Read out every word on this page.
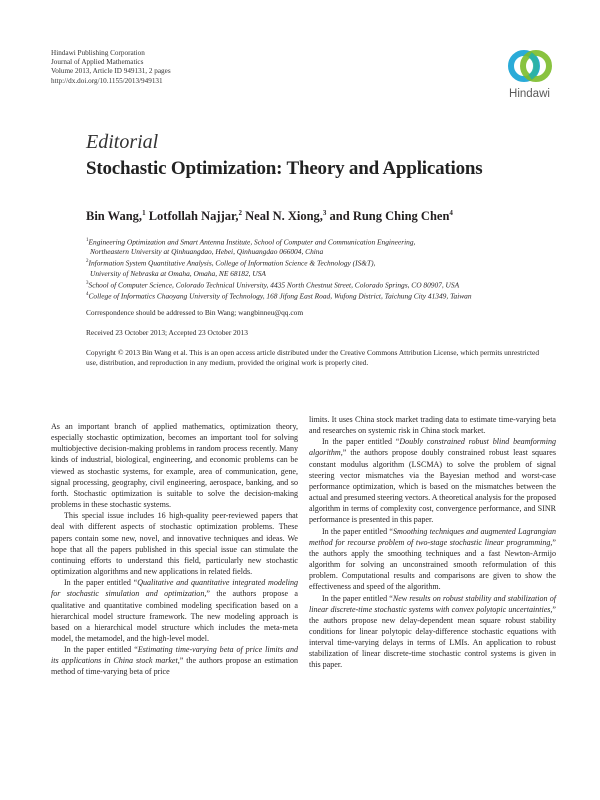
Hindawi Publishing Corporation
Journal of Applied Mathematics
Volume 2013, Article ID 949131, 2 pages
http://dx.doi.org/10.1155/2013/949131
Hindawi
Editorial
Stochastic Optimization: Theory and Applications
Bin Wang,$^1$ Lotfollah Najjar,$^2$ Neal N. Xiong,$^3$ and Rung Ching Chen$^4$
$^1$Engineering Optimization and Smart Antenna Institute, School of Computer and Communication Engineering,
Northeastern University at Qinhuangdao, Hebei, Qinhuangdao 066004, China
$^2$Information System Quantitative Analysis, College of Information Science & Technology (IS&T),
University of Nebraska at Omaha, Omaha, NE 68182, USA
$^3$School of Computer Science, Colorado Technical University, 4435 North Chestnut Street, Colorado Springs, CO 80907, USA
$^4$College of Informatics Chaoyang University of Technology, 168 Jifong East Road, Wufong District, Taichung City 41349, Taiwan
Correspondence should be addressed to Bin Wang; wangbinneu@qq.com
Received 23 October 2013; Accepted 23 October 2013
Copyright © 2013 Bin Wang et al. This is an open access article distributed under the Creative Commons Attribution License, which permits unrestricted use, distribution, and reproduction in any medium, provided the original work is properly cited.

As an important branch of applied mathematics, optimization theory, especially stochastic optimization, becomes an important tool for solving multiobjective decision-making problems in random process recently. Many kinds of industrial, biological, engineering, and economic problems can be viewed as stochastic systems, for example, area of communication, gene, signal processing, geography, civil engineering, aerospace, banking, and so forth. Stochastic optimization is suitable to solve the decision-making problems in these stochastic systems.

This special issue includes 16 high-quality peer-reviewed papers that deal with different aspects of stochastic optimization problems. These papers contain some new, novel, and innovative techniques and ideas. We hope that all the papers published in this special issue can stimulate the continuing efforts to understand this field, particularly new stochastic optimization algorithms and new applications in related fields.

In the paper entitled “Qualitative and quantitative integrated modeling for stochastic simulation and optimization,” the authors propose a qualitative and quantitative combined modeling specification based on a hierarchical model structure framework. The new modeling approach is based on a hierarchical model structure which includes the meta-meta model, the metamodel, and the high-level model.

In the paper entitled “Estimating time-varying beta of price limits and its applications in China stock market,” the authors propose an estimation method of time-varying beta of price

limits. It uses China stock market trading data to estimate time-varying beta and researches on systemic risk in China stock market.

In the paper entitled “Doubly constrained robust blind beamforming algorithm,” the authors propose doubly constrained robust least squares constant modulus algorithm (LSCMA) to solve the problem of signal steering vector mismatches via the Bayesian method and worst-case performance optimization, which is based on the mismatches between the actual and presumed steering vectors. A theoretical analysis for the proposed algorithm in terms of complexity cost, convergence performance, and SINR performance is presented in this paper.

In the paper entitled “Smoothing techniques and augmented Lagrangian method for recourse problem of two-stage stochastic linear programming,” the authors apply the smoothing techniques and a fast Newton-Armijo algorithm for solving an unconstrained smooth reformulation of this problem. Computational results and comparisons are given to show the effectiveness and speed of the algorithm.

In the paper entitled “New results on robust stability and stabilization of linear discrete-time stochastic systems with convex polytopic uncertainties,” the authors propose new delay-dependent mean square robust stability conditions for linear polytopic delay-difference stochastic equations with interval time-varying delays in terms of LMIs. An application to robust stabilization of linear discrete-time stochastic control systems is given in this paper.
